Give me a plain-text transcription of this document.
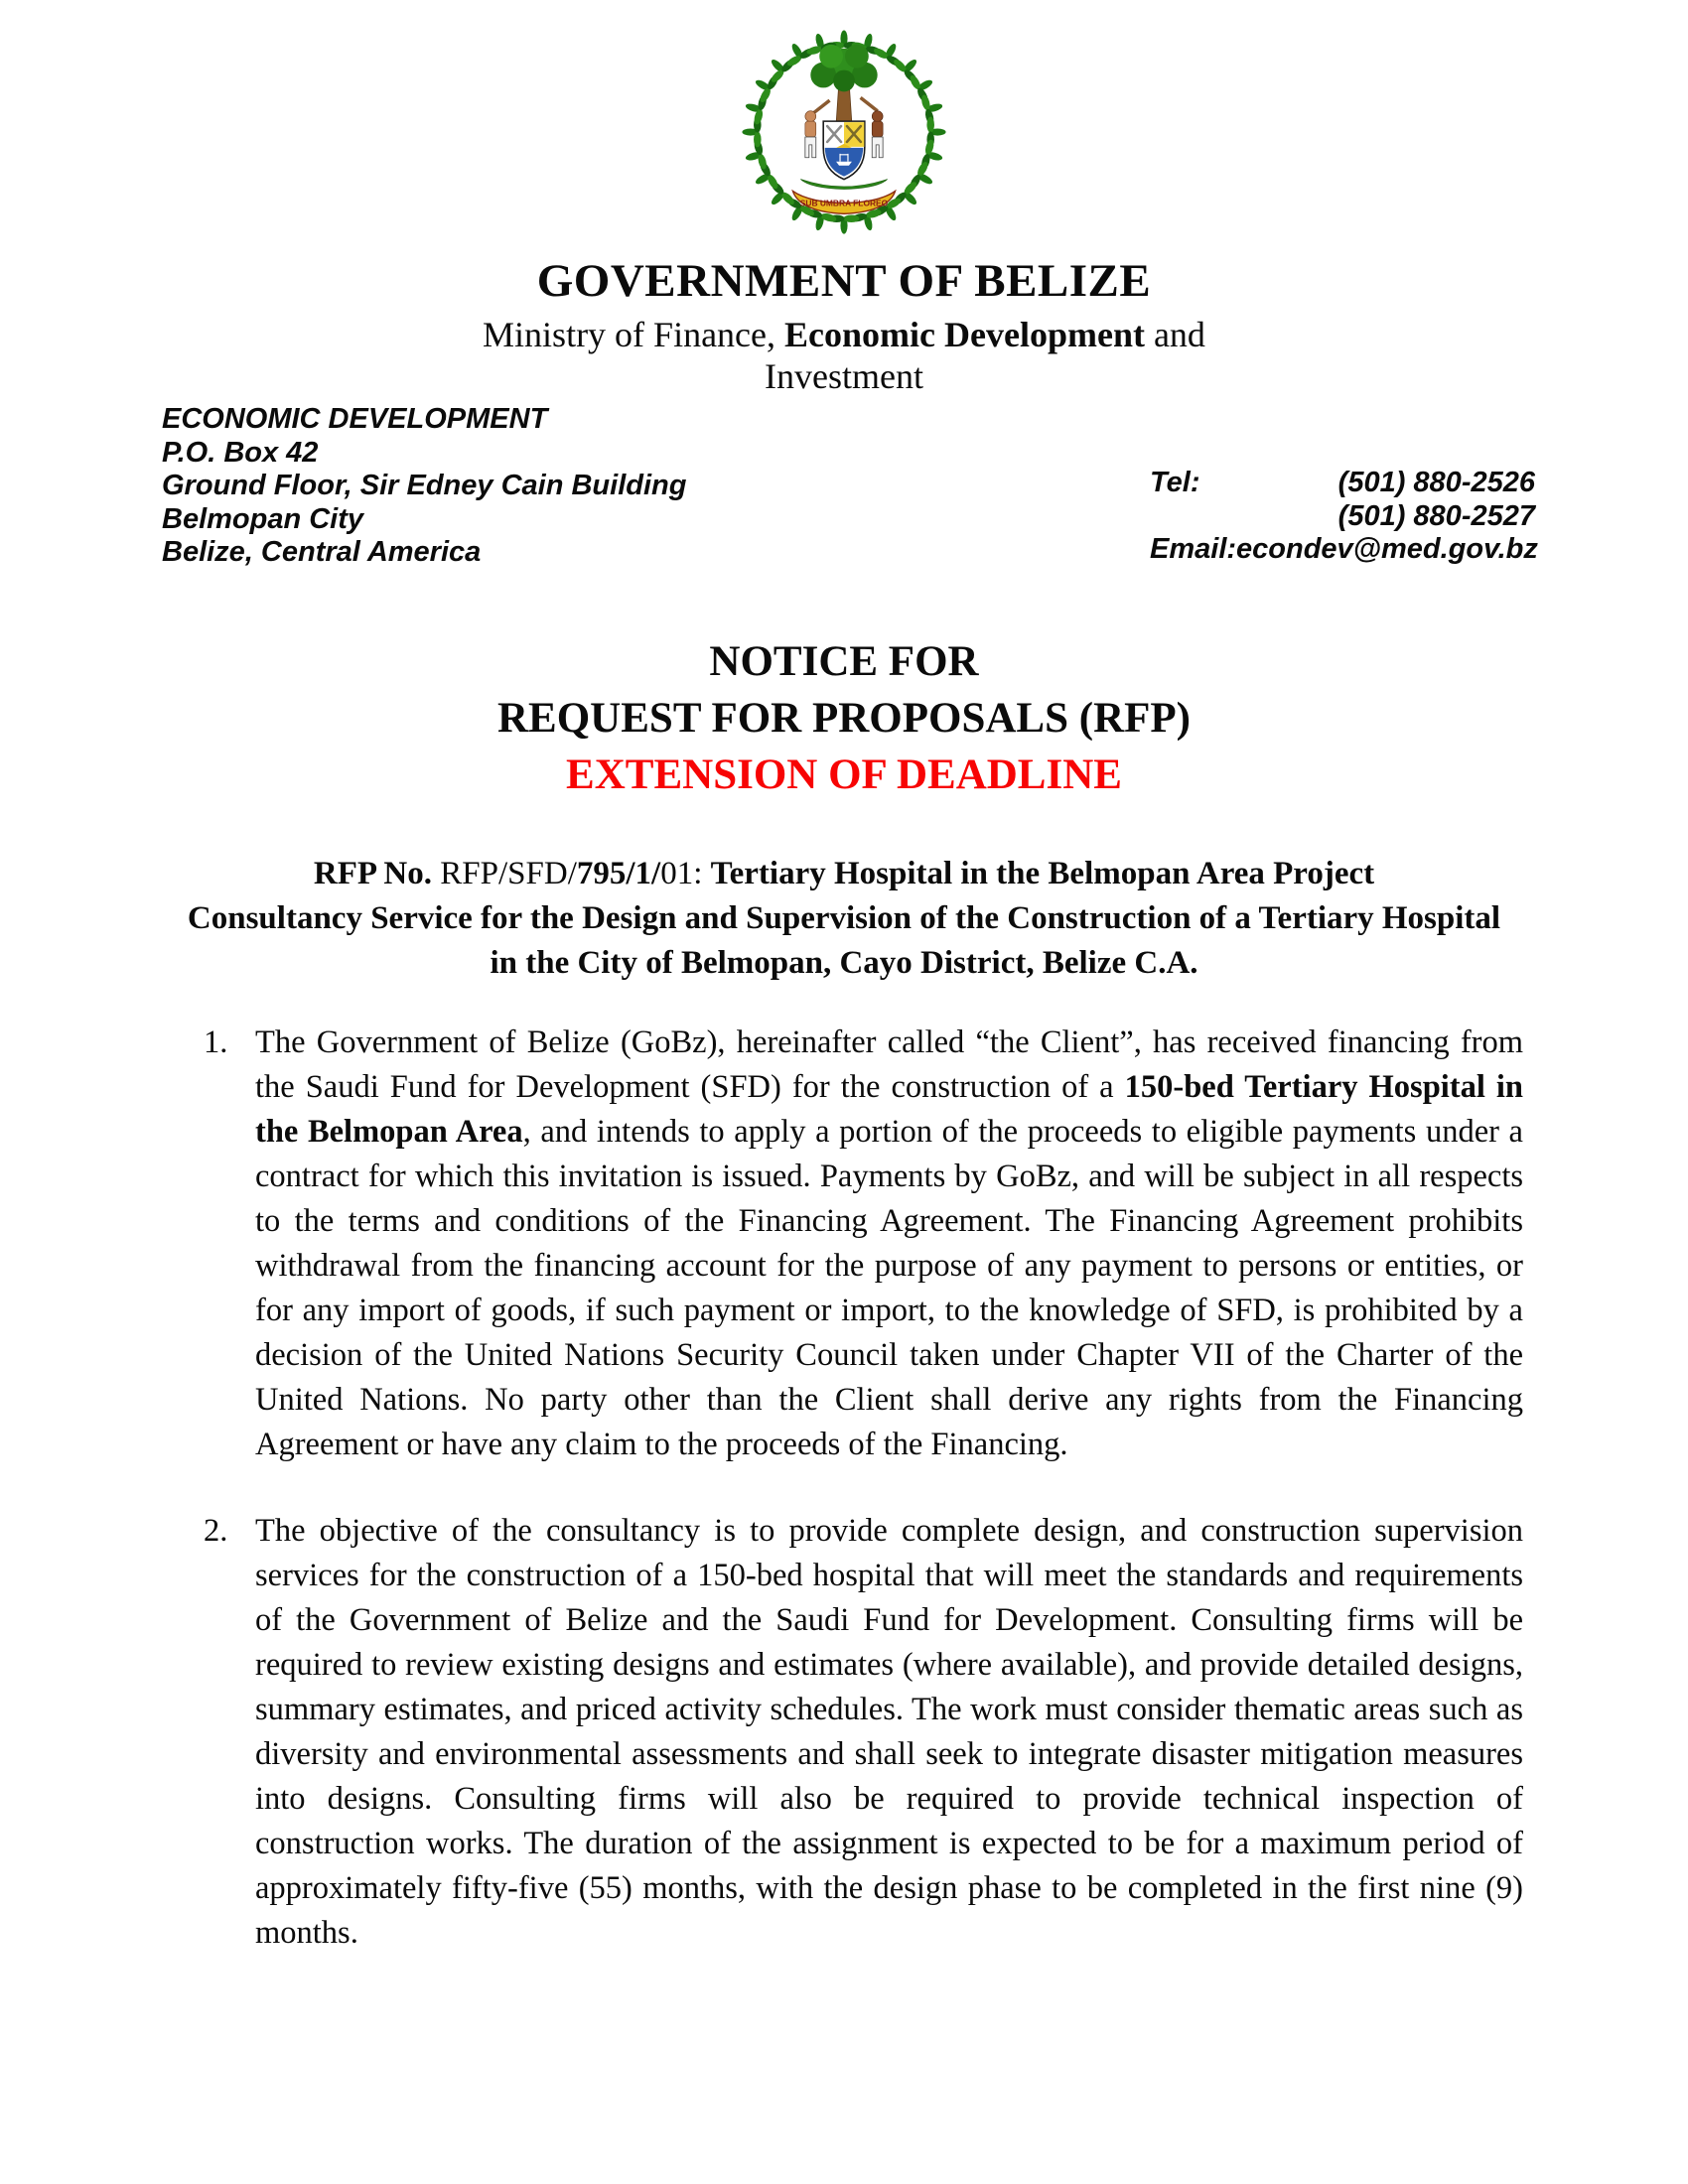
SUB UMBRA FLOREO
GOVERNMENT OF BELIZE
Ministry of Finance, Economic Development and
Investment
ECONOMIC DEVELOPMENT
P.O. Box 42
Ground Floor, Sir Edney Cain Building
Belmopan City
Belize, Central America
Tel:	(501) 880-2526
(501) 880-2527
Email:econdev@med.gov.bz
NOTICE FOR
REQUEST FOR PROPOSALS (RFP)
EXTENSION OF DEADLINE
RFP No. RFP/SFD/795/1/01: Tertiary Hospital in the Belmopan Area Project
Consultancy Service for the Design and Supervision of the Construction of a Tertiary Hospital
in the City of Belmopan, Cayo District, Belize C.A.
1. The Government of Belize (GoBz), hereinafter called “the Client”, has received financing from the Saudi Fund for Development (SFD) for the construction of a 150-bed Tertiary Hospital in the Belmopan Area, and intends to apply a portion of the proceeds to eligible payments under a contract for which this invitation is issued. Payments by GoBz, and will be subject in all respects to the terms and conditions of the Financing Agreement. The Financing Agreement prohibits withdrawal from the financing account for the purpose of any payment to persons or entities, or for any import of goods, if such payment or import, to the knowledge of SFD, is prohibited by a decision of the United Nations Security Council taken under Chapter VII of the Charter of the United Nations. No party other than the Client shall derive any rights from the Financing Agreement or have any claim to the proceeds of the Financing.
2. The objective of the consultancy is to provide complete design, and construction supervision services for the construction of a 150-bed hospital that will meet the standards and requirements of the Government of Belize and the Saudi Fund for Development. Consulting firms will be required to review existing designs and estimates (where available), and provide detailed designs, summary estimates, and priced activity schedules. The work must consider thematic areas such as diversity and environmental assessments and shall seek to integrate disaster mitigation measures into designs. Consulting firms will also be required to provide technical inspection of construction works. The duration of the assignment is expected to be for a maximum period of approximately fifty-five (55) months, with the design phase to be completed in the first nine (9) months.
